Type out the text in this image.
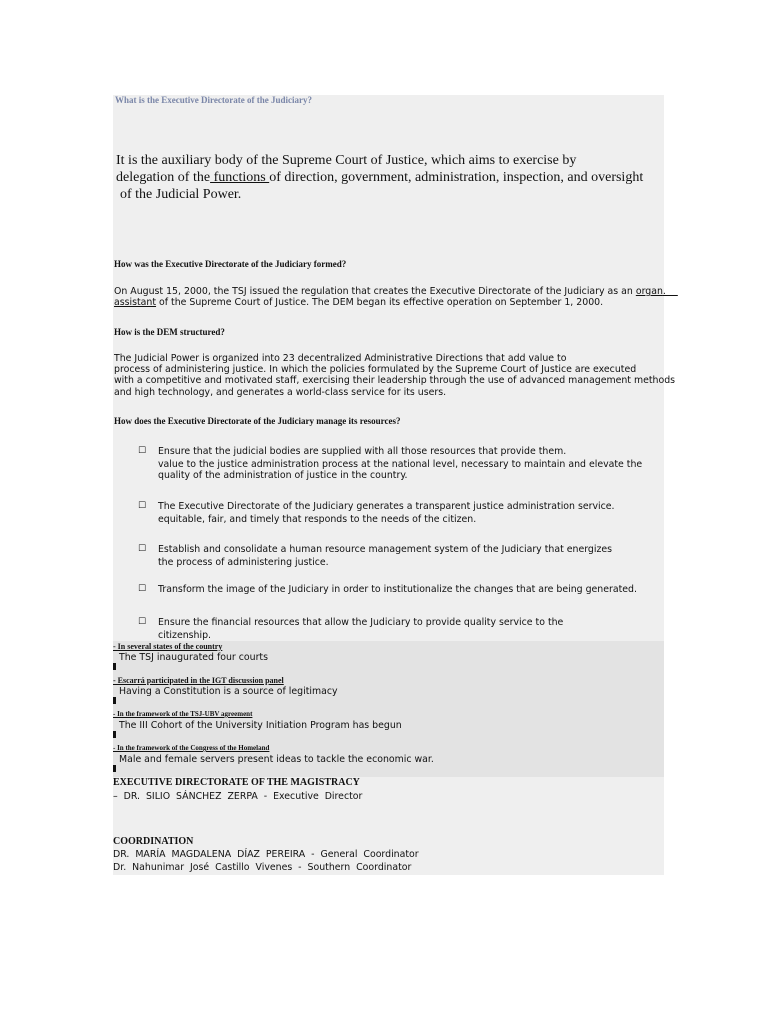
What is the Executive Directorate of the Judiciary?
It is the auxiliary body of the Supreme Court of Justice, which aims to exercise by
delegation of the functions of direction, government, administration, inspection, and oversight
of the Judicial Power.
How was the Executive Directorate of the Judiciary formed?
On August 15, 2000, the TSJ issued the regulation that creates the Executive Directorate of the Judiciary as an organ.
assistant of the Supreme Court of Justice. The DEM began its effective operation on September 1, 2000.
How is the DEM structured?
The Judicial Power is organized into 23 decentralized Administrative Directions that add value to
process of administering justice. In which the policies formulated by the Supreme Court of Justice are executed
with a competitive and motivated staff, exercising their leadership through the use of advanced management methods
and high technology, and generates a world-class service for its users.
How does the Executive Directorate of the Judiciary manage its resources?
☐ Ensure that the judicial bodies are supplied with all those resources that provide them.
value to the justice administration process at the national level, necessary to maintain and elevate the
quality of the administration of justice in the country.
☐ The Executive Directorate of the Judiciary generates a transparent justice administration service.
equitable, fair, and timely that responds to the needs of the citizen.
☐ Establish and consolidate a human resource management system of the Judiciary that energizes
the process of administering justice.
☐ Transform the image of the Judiciary in order to institutionalize the changes that are being generated.
☐ Ensure the financial resources that allow the Judiciary to provide quality service to the
citizenship.
- In several states of the country
The TSJ inaugurated four courts
- Escarrá participated in the IGT discussion panel
Having a Constitution is a source of legitimacy
- In the framework of the TSJ-UBV agreement
The III Cohort of the University Initiation Program has begun
- In the framework of the Congress of the Homeland
Male and female servers present ideas to tackle the economic war.
EXECUTIVE DIRECTORATE OF THE MAGISTRACY
–  DR.  SILIO  SÁNCHEZ  ZERPA  -  Executive  Director
COORDINATION
DR.  MARÍA  MAGDALENA  DÍAZ  PEREIRA  -  General  Coordinator
Dr.  Nahunimar  José  Castillo  Vivenes  -  Southern  Coordinator
